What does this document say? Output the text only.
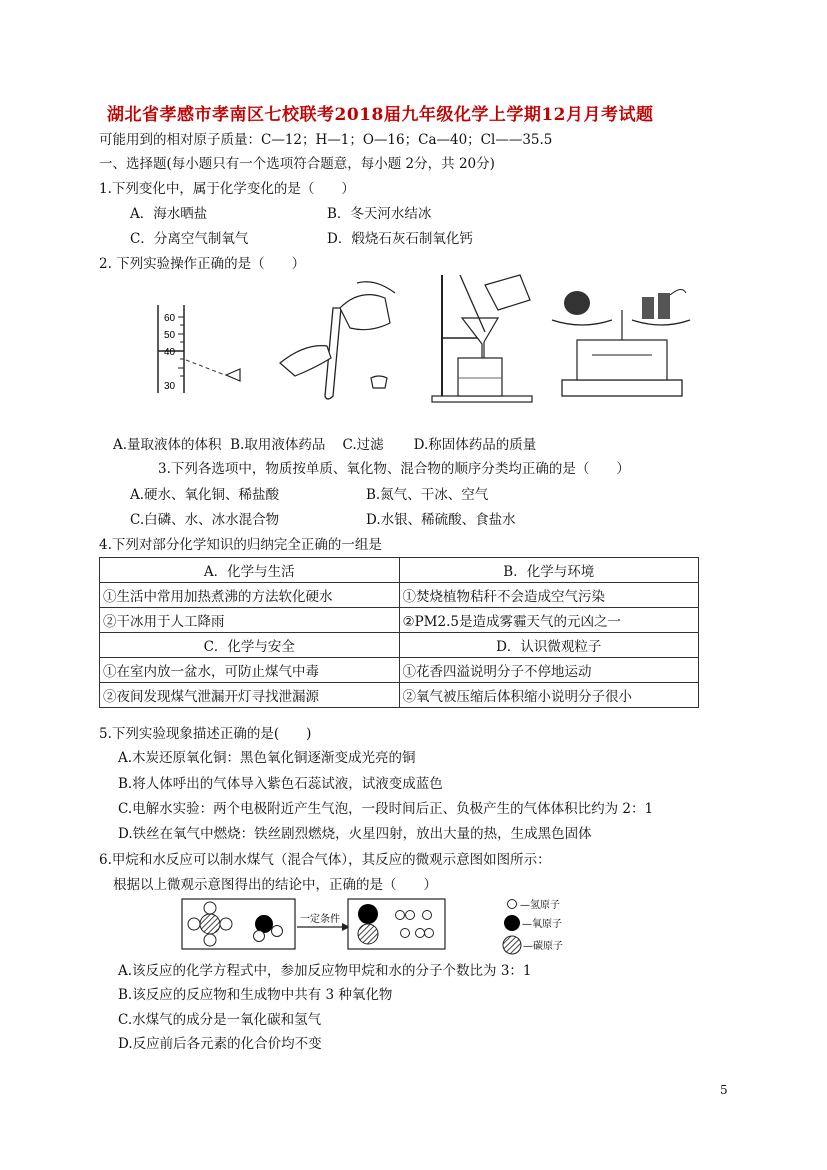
湖北省孝感市孝南区七校联考2018届九年级化学上学期12月月考试题
可能用到的相对原子质量：C—12；H—1；O—16；Ca—40；Cl——35.5
一、选择题(每小题只有一个选项符合题意，每小题 2分，共 20分)
1.下列变化中，属于化学变化的是（　　）
A．海水晒盐	B．冬天河水结冰
C．分离空气制氧气	D．煅烧石灰石制氧化钙
2. 下列实验操作正确的是（　　）
60
50
40
30
A.量取液体的体积  B.取用液体药品    C.过滤       D.称固体药品的质量
3.下列各选项中，物质按单质、氧化物、混合物的顺序分类均正确的是（　　）
A.硬水、氧化铜、稀盐酸	B.氮气、干冰、空气
C.白磷、水、冰水混合物	D.水银、稀硫酸、食盐水
4.下列对部分化学知识的归纳完全正确的一组是
A．化学与生活	B．化学与环境
①生活中常用加热煮沸的方法软化硬水	①焚烧植物秸秆不会造成空气污染
②干冰用于人工降雨	②PM2.5是造成雾霾天气的元凶之一
C．化学与安全	D．认识微观粒子
①在室内放一盆水，可防止煤气中毒	①花香四溢说明分子不停地运动
②夜间发现煤气泄漏开灯寻找泄漏源	②氧气被压缩后体积缩小说明分子很小
5.下列实验现象描述正确的是(　　)
A.木炭还原氧化铜：黑色氧化铜逐渐变成光亮的铜
B.将人体呼出的气体导入紫色石蕊试液，试液变成蓝色
C.电解水实验：两个电极附近产生气泡，一段时间后正、负极产生的气体体积比约为 2：1
D.铁丝在氧气中燃烧：铁丝剧烈燃烧，火星四射，放出大量的热，生成黑色固体
6.甲烷和水反应可以制水煤气（混合气体），其反应的微观示意图如图所示：
根据以上微观示意图得出的结论中，正确的是（　　）
一定条件
—氢原子
—氧原子
—碳原子
A.该反应的化学方程式中，参加反应物甲烷和水的分子个数比为 3：1
B.该反应的反应物和生成物中共有 3 种氧化物
C.水煤气的成分是一氧化碳和氢气
D.反应前后各元素的化合价均不变
5
